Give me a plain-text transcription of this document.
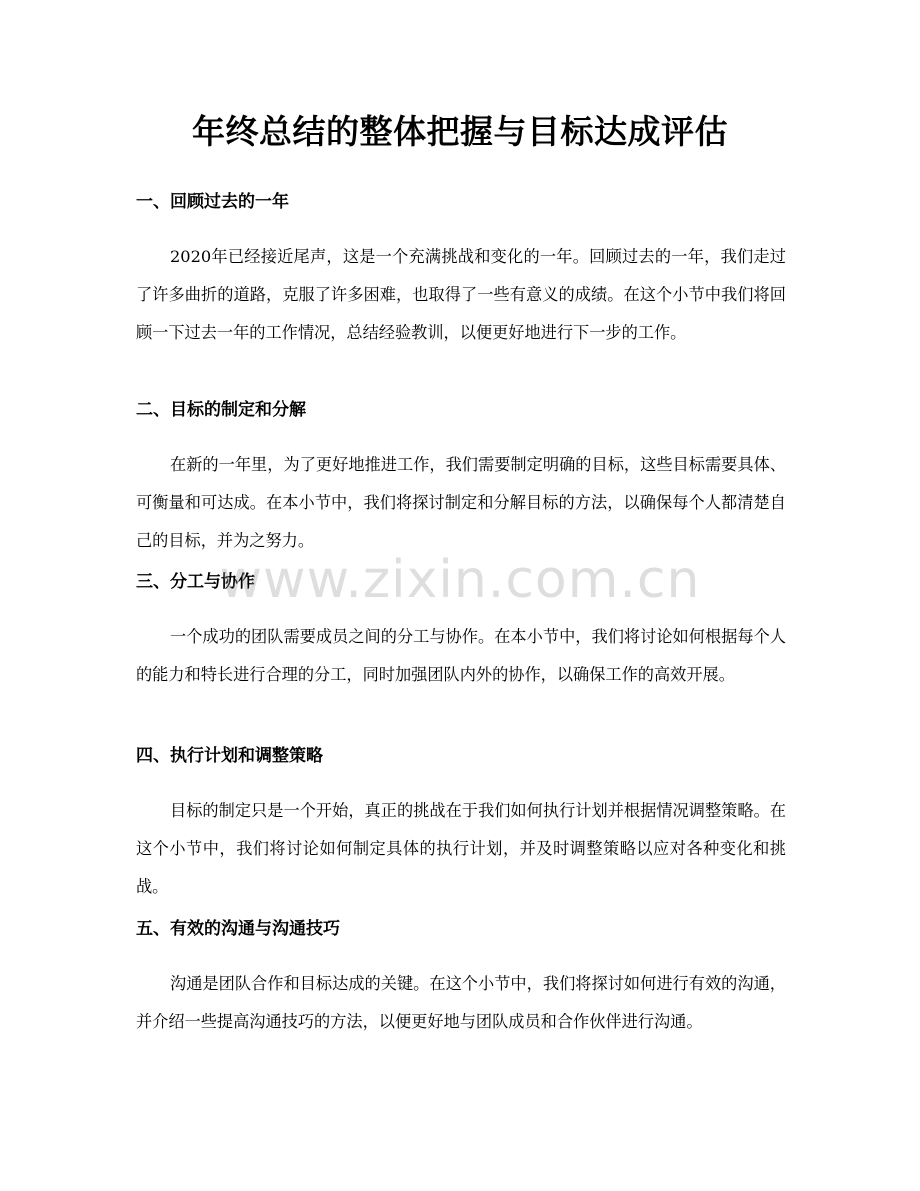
年终总结的整体把握与目标达成评估
一、回顾过去的一年

2020年已经接近尾声，这是一个充满挑战和变化的一年。回顾过去的一年，我们走过了许多曲折的道路，克服了许多困难，也取得了一些有意义的成绩。在这个小节中我们将回顾一下过去一年的工作情况，总结经验教训，以便更好地进行下一步的工作。

二、目标的制定和分解

在新的一年里，为了更好地推进工作，我们需要制定明确的目标，这些目标需要具体、可衡量和可达成。在本小节中，我们将探讨制定和分解目标的方法，以确保每个人都清楚自己的目标，并为之努力。

三、分工与协作

一个成功的团队需要成员之间的分工与协作。在本小节中，我们将讨论如何根据每个人的能力和特长进行合理的分工，同时加强团队内外的协作，以确保工作的高效开展。

四、执行计划和调整策略

目标的制定只是一个开始，真正的挑战在于我们如何执行计划并根据情况调整策略。在这个小节中，我们将讨论如何制定具体的执行计划，并及时调整策略以应对各种变化和挑战。

五、有效的沟通与沟通技巧

沟通是团队合作和目标达成的关键。在这个小节中，我们将探讨如何进行有效的沟通，并介绍一些提高沟通技巧的方法，以便更好地与团队成员和合作伙伴进行沟通。

www.zixin.com.cn
